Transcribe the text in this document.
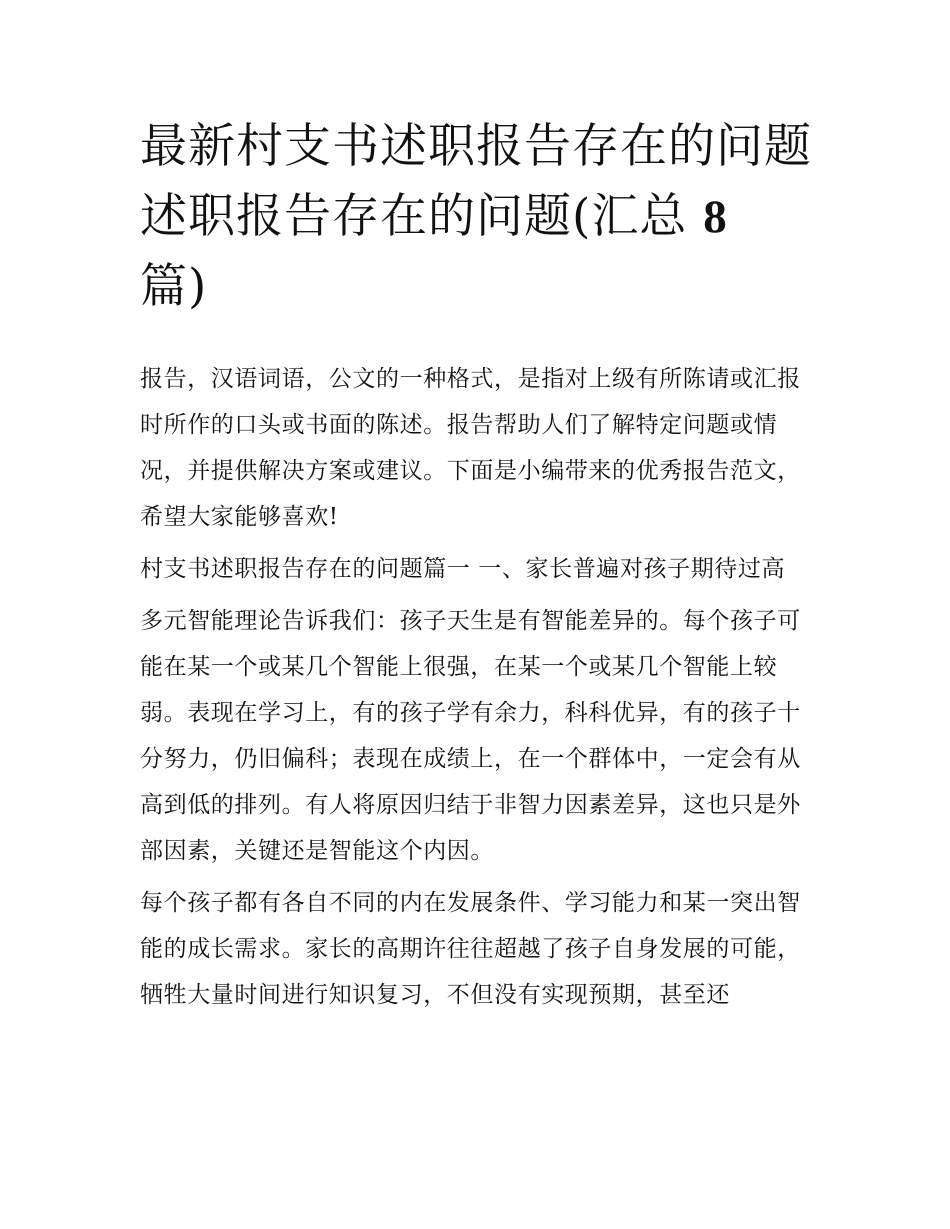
最新村支书述职报告存在的问题 述职报告存在的问题(汇总 8
篇)

报告，汉语词语，公文的一种格式，是指对上级有所陈请或汇报时所作的口头或书面的陈述。报告帮助人们了解特定问题或情况，并提供解决方案或建议。下面是小编带来的优秀报告范文，希望大家能够喜欢!

村支书述职报告存在的问题篇一 一、家长普遍对孩子期待过高

多元智能理论告诉我们：孩子天生是有智能差异的。每个孩子可能在某一个或某几个智能上很强，在某一个或某几个智能上较弱。表现在学习上，有的孩子学有余力，科科优异，有的孩子十分努力，仍旧偏科；表现在成绩上，在一个群体中，一定会有从高到低的排列。有人将原因归结于非智力因素差异，这也只是外部因素，关键还是智能这个内因。

每个孩子都有各自不同的内在发展条件、学习能力和某一突出智能的成长需求。家长的高期许往往超越了孩子自身发展的可能，牺牲大量时间进行知识复习，不但没有实现预期，甚至还
